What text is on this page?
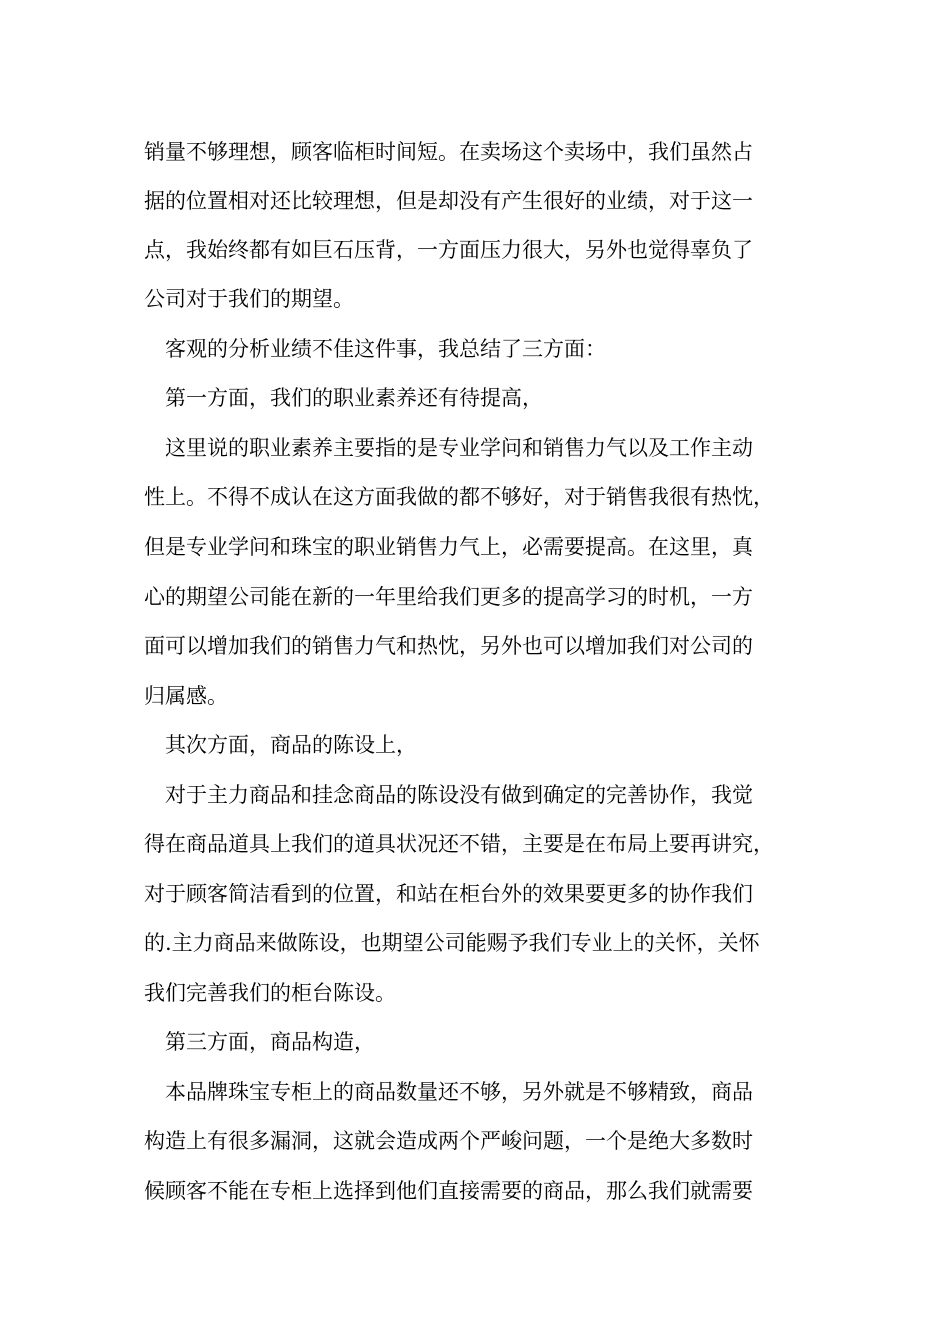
销量不够理想，顾客临柜时间短。在卖场这个卖场中，我们虽然占

据的位置相对还比较理想，但是却没有产生很好的业绩，对于这一

点，我始终都有如巨石压背，一方面压力很大，另外也觉得辜负了

公司对于我们的期望。

客观的分析业绩不佳这件事，我总结了三方面：

第一方面，我们的职业素养还有待提高，

这里说的职业素养主要指的是专业学问和销售力气以及工作主动

性上。不得不成认在这方面我做的都不够好，对于销售我很有热忱，

但是专业学问和珠宝的职业销售力气上，必需要提高。在这里，真

心的期望公司能在新的一年里给我们更多的提高学习的时机，一方

面可以增加我们的销售力气和热忱，另外也可以增加我们对公司的

归属感。

其次方面，商品的陈设上，

对于主力商品和挂念商品的陈设没有做到确定的完善协作，我觉

得在商品道具上我们的道具状况还不错，主要是在布局上要再讲究，

对于顾客简洁看到的位置，和站在柜台外的效果要更多的协作我们

的.主力商品来做陈设，也期望公司能赐予我们专业上的关怀，关怀

我们完善我们的柜台陈设。

第三方面，商品构造，

本品牌珠宝专柜上的商品数量还不够，另外就是不够精致，商品

构造上有很多漏洞，这就会造成两个严峻问题，一个是绝大多数时

候顾客不能在专柜上选择到他们直接需要的商品，那么我们就需要
